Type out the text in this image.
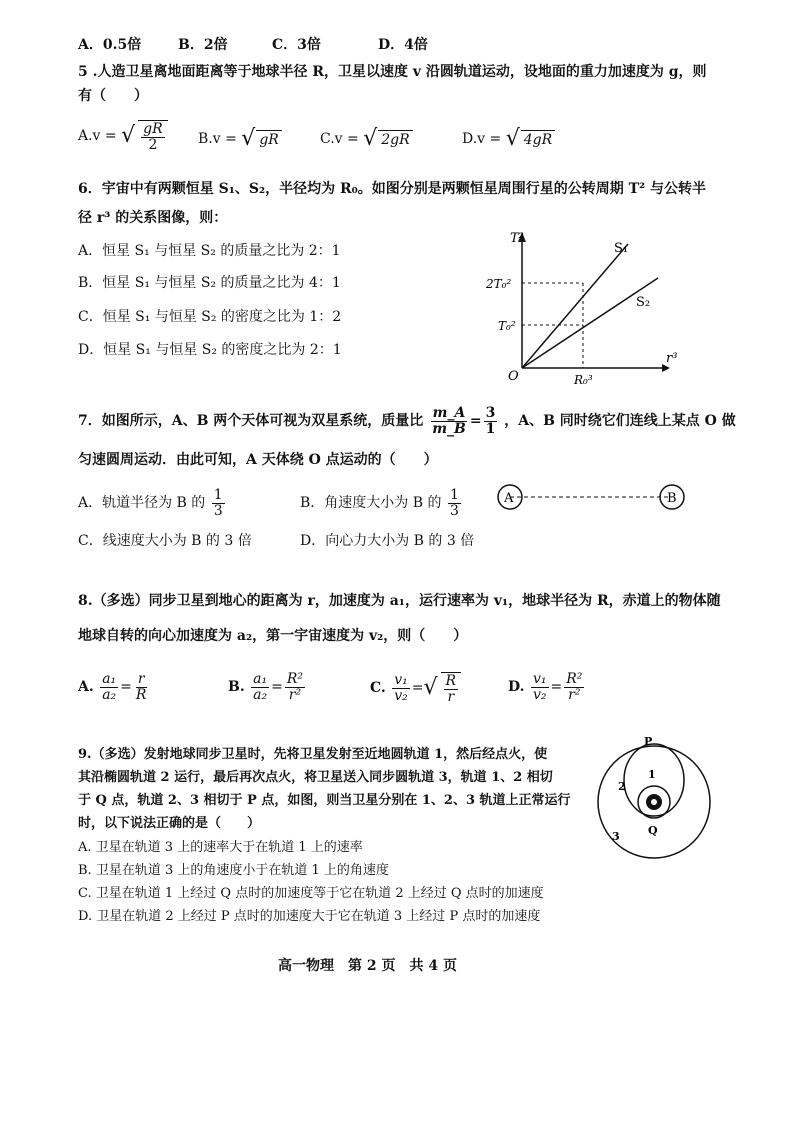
A．0.5倍	B．2倍	C．3倍	D．4倍
5 .人造卫星离地面距离等于地球半径 R，卫星以速度 v 沿圆轨道运动，设地面的重力加速度为 g，则
有（　　）
A.v = √ $\frac{gR}{2} B.v$ = √ gR	C.v = √ 2gR	D.v = √ 4gR
6．宇宙中有两颗恒星 S₁、S₂，半径均为 R₀。如图分别是两颗恒星周围行星的公转周期 T² 与公转半
径 r³ 的关系图像，则：
A．恒星 S₁ 与恒星 S₂ 的质量之比为 2：1
B．恒星 S₁ 与恒星 S₂ 的质量之比为 4：1
C．恒星 S₁ 与恒星 S₂ 的密度之比为 1：2
D．恒星 S₁ 与恒星 S₂ 的密度之比为 2：1
T²
r³
O
2T₀²
T₀²
R₀³
S₁
S₂
7．如图所示，A、B 两个天体可视为双星系统，质量比 $\frac{m\_A}{m\_B} = \frac{3}{1}$ ，A、B 同时绕它们连线上某点 O 做
匀速圆周运动．由此可知，A 天体绕 O 点运动的（　　）
A．轨道半径为 B 的 $\frac{1}{3}$	B．角速度大小为 B 的 $\frac{1}{3}$
C．线速度大小为 B 的 3 倍	D．向心力大小为 B 的 3 倍
A	B
8.（多选）同步卫星到地心的距离为 r，加速度为 a₁，运行速率为 v₁，地球半径为 R，赤道上的物体随
地球自转的向心加速度为 a₂，第一宇宙速度为 v₂，则（　　）
A. $\frac{\text{a₁}}{\text{a₂}} = \frac{r}{R}$	B. $\frac{\text{a₁}}{\text{a₂}} = \frac{\text{R²}}{\text{r²}}$	C. $\frac{\text{v₁}}{\text{v₂}}$ = √ $\frac{R}{r}$	D. $\frac{\text{v₁}}{\text{v₂}} = \frac{\text{R²}}{\text{r²}}$
9.（多选）发射地球同步卫星时，先将卫星发射至近地圆轨道 1，然后经点火，使
其沿椭圆轨道 2 运行，最后再次点火，将卫星送入同步圆轨道 3，轨道 1、2 相切
于 Q 点，轨道 2、3 相切于 P 点，如图，则当卫星分别在 1、2、3 轨道上正常运行
时，以下说法正确的是（　　）
A. 卫星在轨道 3 上的速率大于在轨道 1 上的速率
B. 卫星在轨道 3 上的角速度小于在轨道 1 上的角速度
C. 卫星在轨道 1 上经过 Q 点时的加速度等于它在轨道 2 上经过 Q 点时的加速度
D. 卫星在轨道 2 上经过 P 点时的加速度大于它在轨道 3 上经过 P 点时的加速度
P
Q
1
2
3
高一物理　第 2 页　共 4 页
